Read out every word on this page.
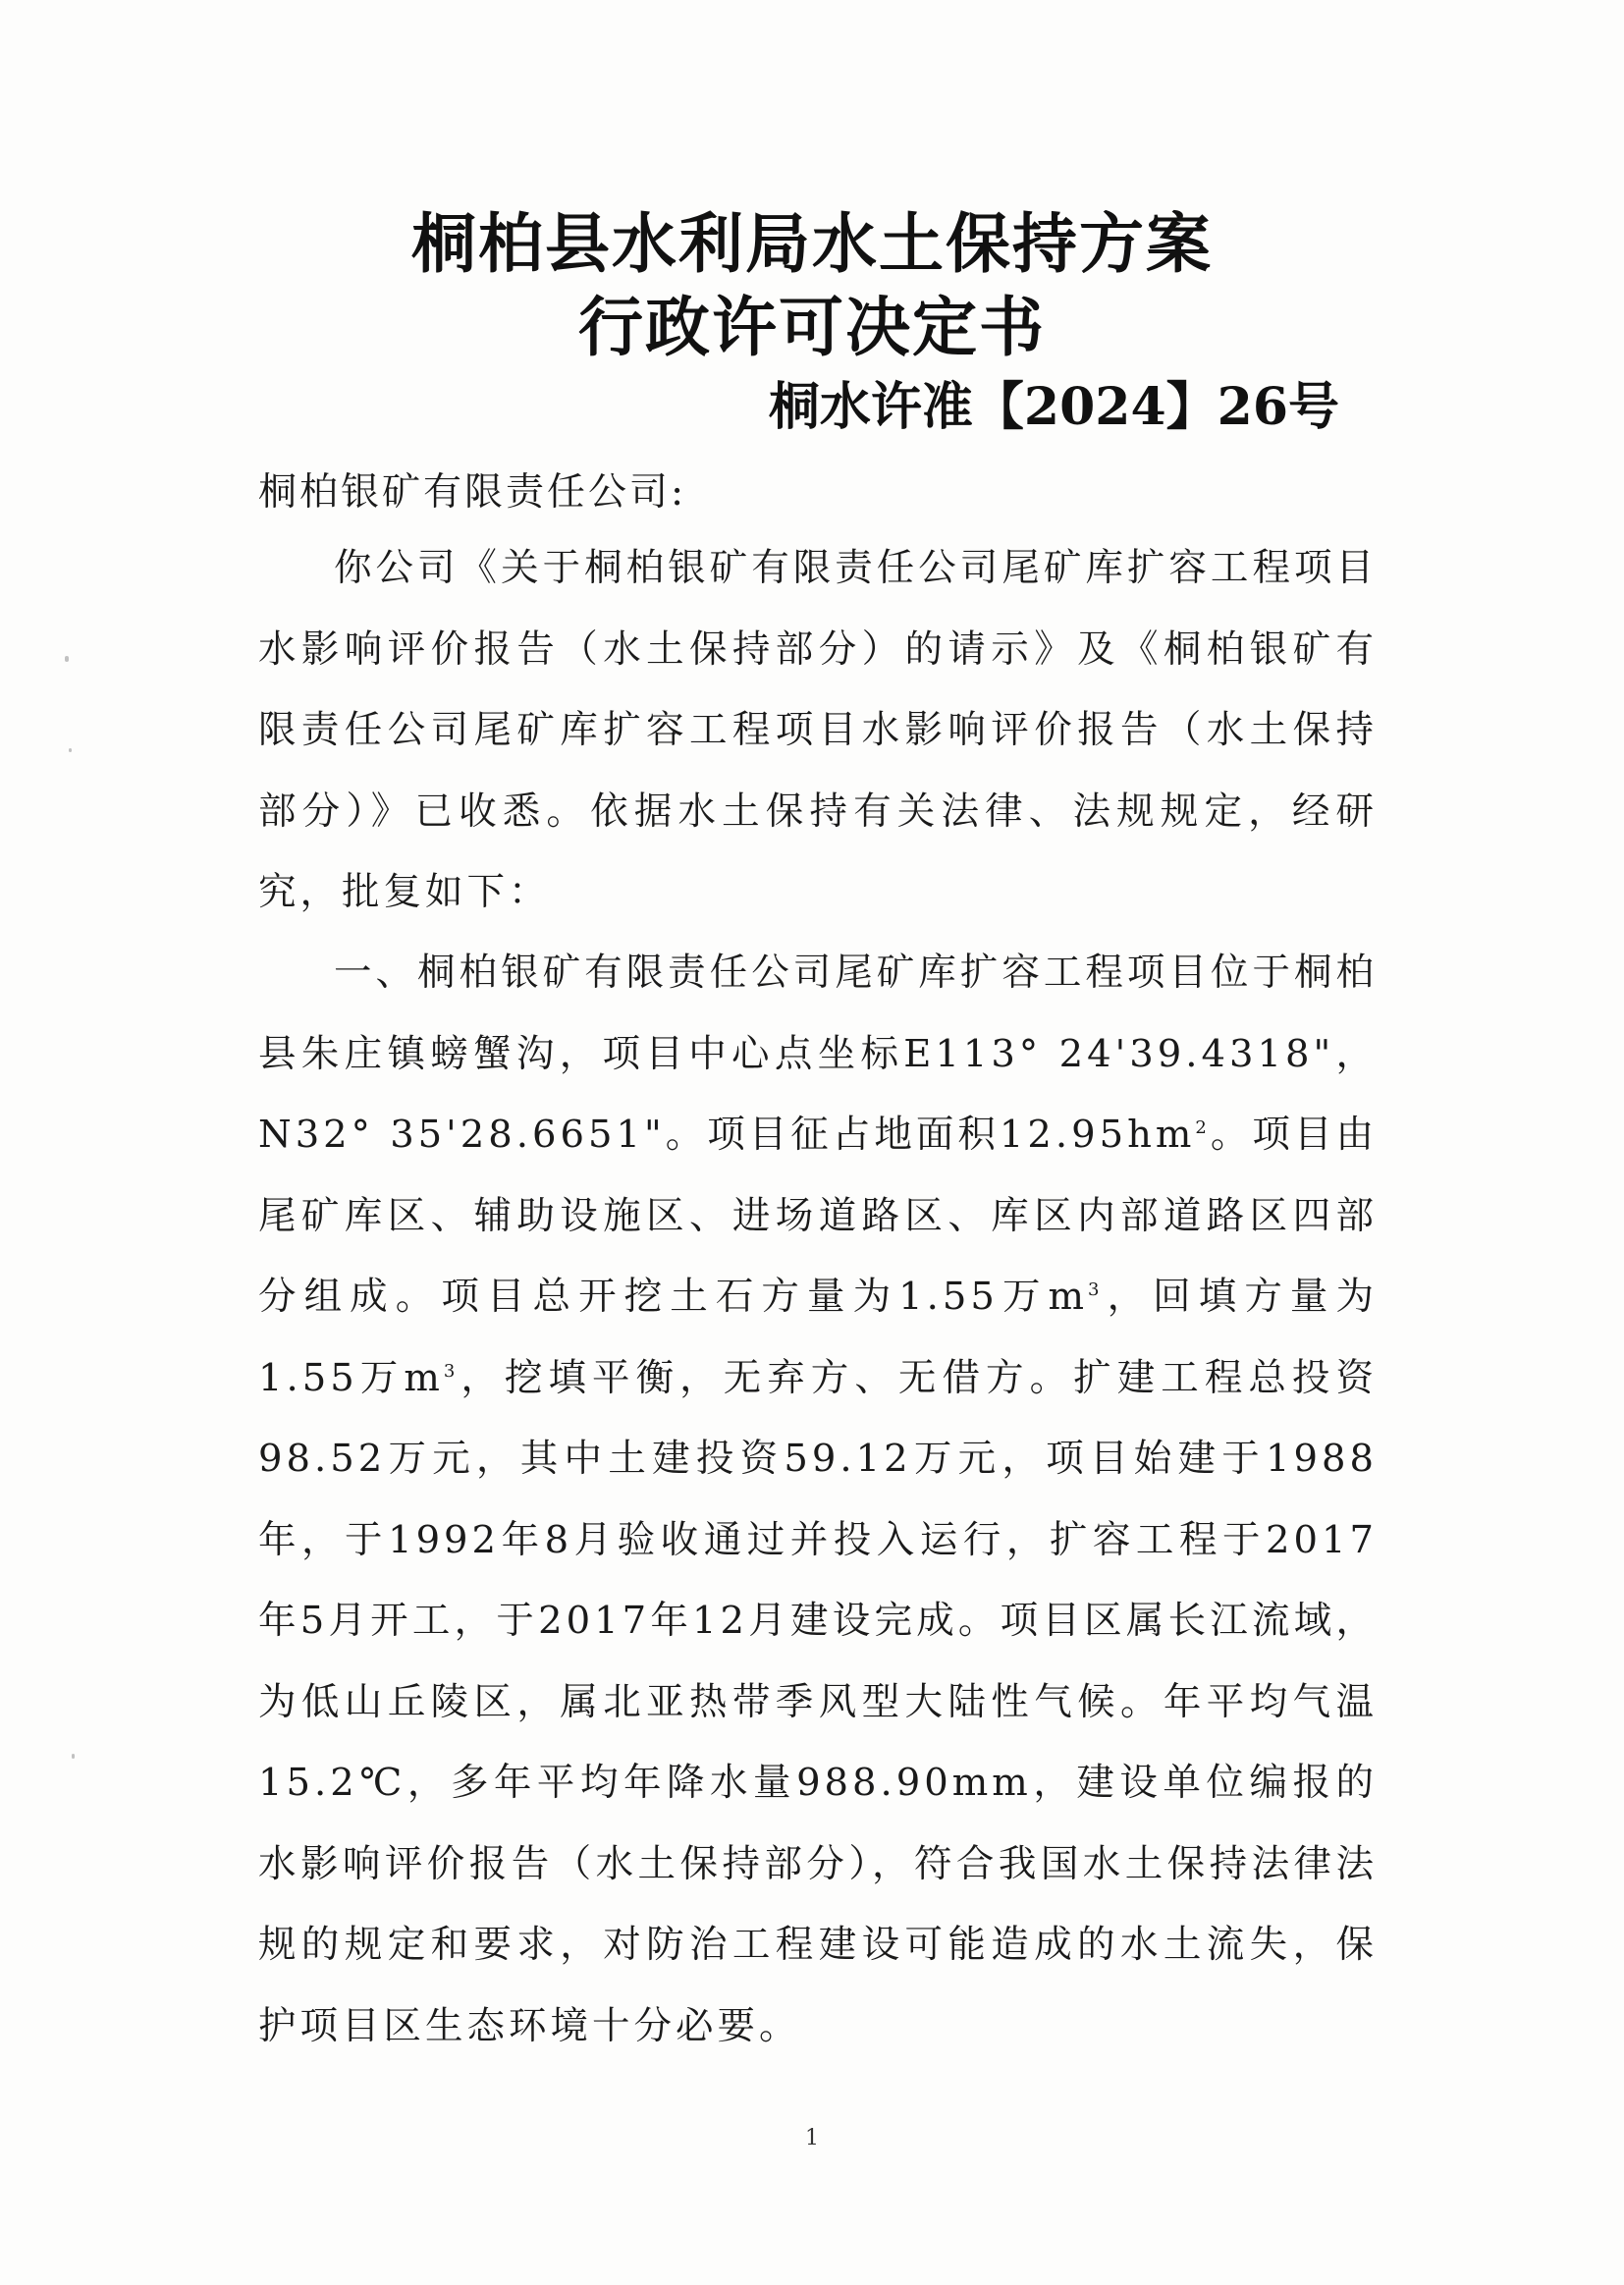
桐柏县水利局水土保持方案
行政许可决定书
桐水许准【2024】26号
桐柏银矿有限责任公司:

你公司《关于桐柏银矿有限责任公司尾矿库扩容工程项目水影响评价报告（水土保持部分）的请示》及《桐柏银矿有限责任公司尾矿库扩容工程项目水影响评价报告（水土保持部分）》已收悉。依据水土保持有关法律、法规规定，经研究，批复如下：

一、桐柏银矿有限责任公司尾矿库扩容工程项目位于桐柏县朱庄镇螃蟹沟，项目中心点坐标E113° 24'39.4318"，N32° 35'28.6651"。项目征占地面积$12.95hm^2$。项目由尾矿库区、辅助设施区、进场道路区、库区内部道路区四部分组成。项目总开挖土石方量为1.55万$m^3$，回填方量为1.55万$m^3$，挖填平衡，无弃方、无借方。扩建工程总投资98.52万元，其中土建投资59.12万元，项目始建于1988年，于1992年8月验收通过并投入运行，扩容工程于2017年5月开工，于2017年12月建设完成。项目区属长江流域，为低山丘陵区，属北亚热带季风型大陆性气候。年平均气温15.2℃，多年平均年降水量988.90mm，建设单位编报的水影响评价报告（水土保持部分），符合我国水土保持法律法规的规定和要求，对防治工程建设可能造成的水土流失，保护项目区生态环境十分必要。

1
